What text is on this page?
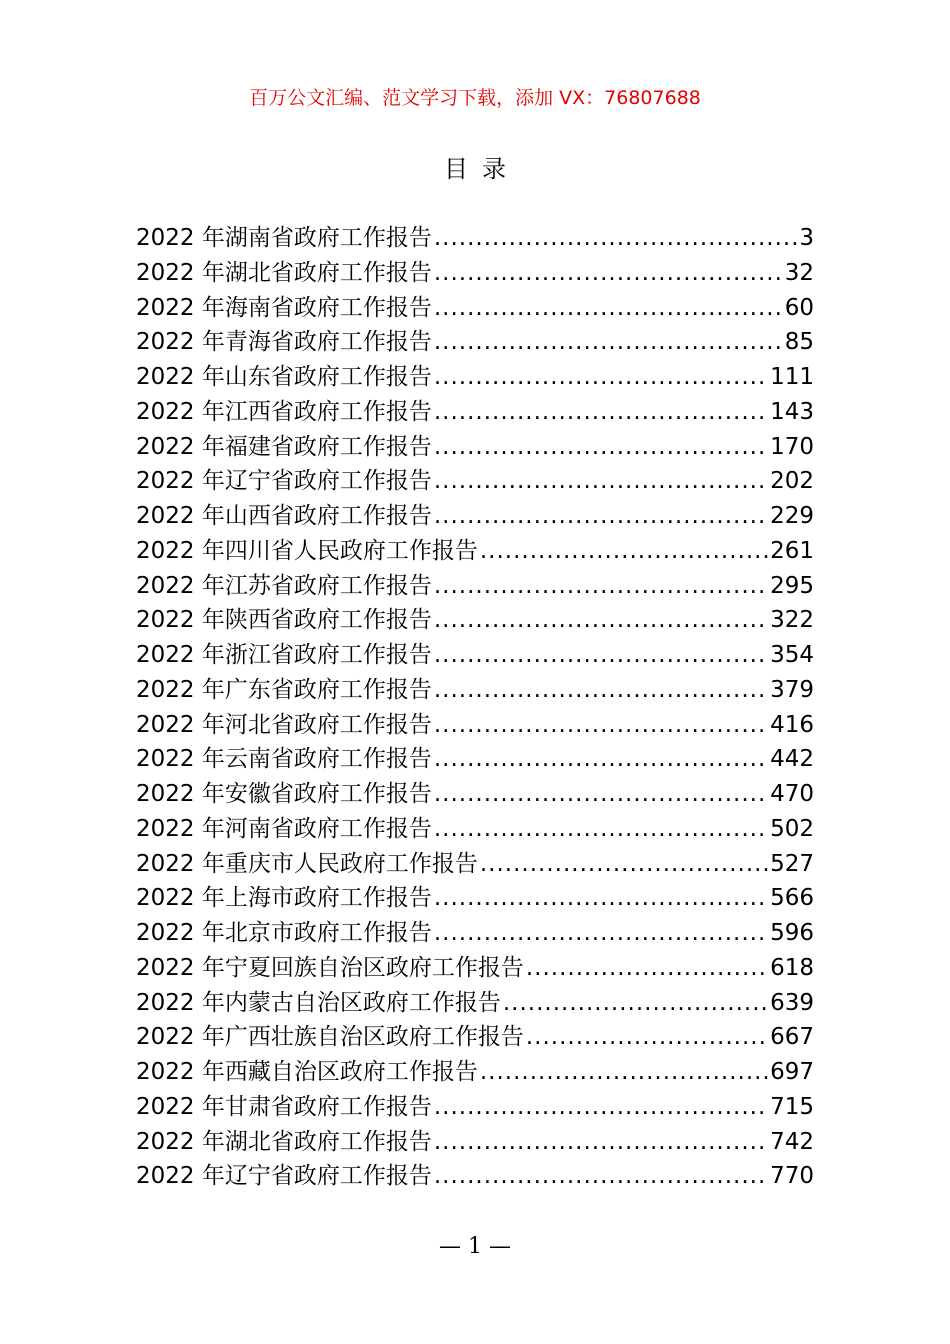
百万公文汇编、范文学习下载，添加 VX：76807688
目录
2022 年湖南省政府工作报告 .....	3
2022 年湖北省政府工作报告 .....	32
2022 年海南省政府工作报告 .....	60
2022 年青海省政府工作报告 .....	85
2022 年山东省政府工作报告 .....	111
2022 年江西省政府工作报告 .....	143
2022 年福建省政府工作报告 .....	170
2022 年辽宁省政府工作报告 .....	202
2022 年山西省政府工作报告 .....	229
2022 年四川省人民政府工作报告 .....	261
2022 年江苏省政府工作报告 .....	295
2022 年陕西省政府工作报告 .....	322
2022 年浙江省政府工作报告 .....	354
2022 年广东省政府工作报告 .....	379
2022 年河北省政府工作报告 .....	416
2022 年云南省政府工作报告 .....	442
2022 年安徽省政府工作报告 .....	470
2022 年河南省政府工作报告 .....	502
2022 年重庆市人民政府工作报告 .....	527
2022 年上海市政府工作报告 .....	566
2022 年北京市政府工作报告 .....	596
2022 年宁夏回族自治区政府工作报告 .....	618
2022 年内蒙古自治区政府工作报告 .....	639
2022 年广西壮族自治区政府工作报告 .....	667
2022 年西藏自治区政府工作报告 .....	697
2022 年甘肃省政府工作报告 .....	715
2022 年湖北省政府工作报告 .....	742
2022 年辽宁省政府工作报告 .....	770
— 1 —
